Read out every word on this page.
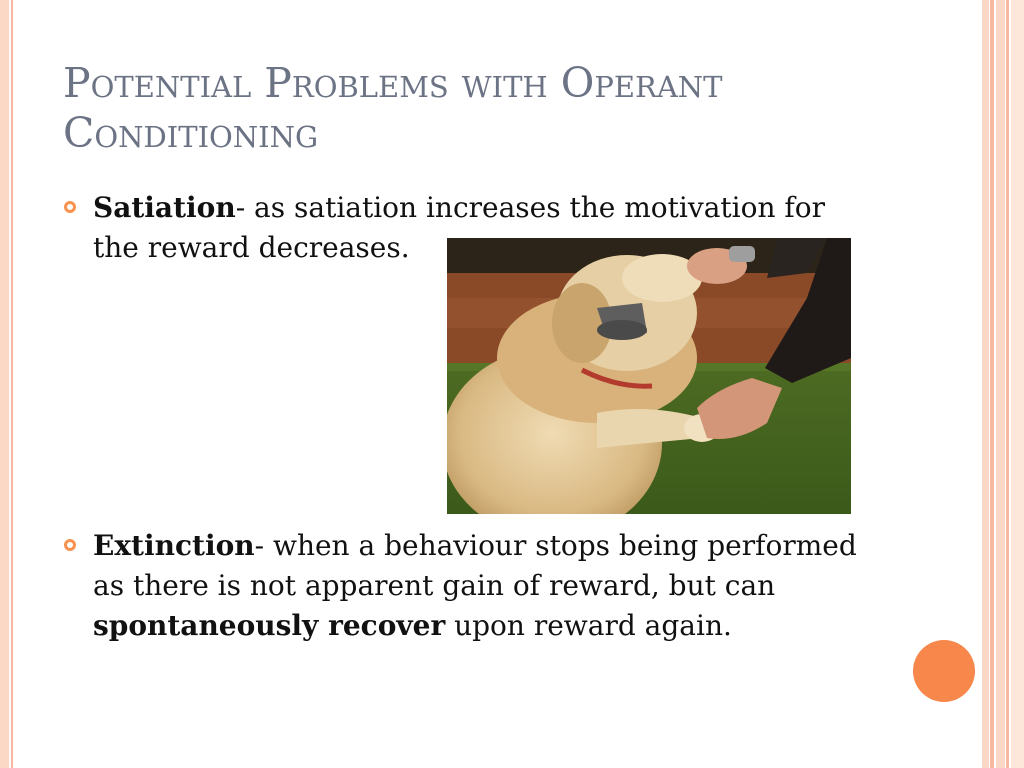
Potential Problems with Operant
Conditioning
Satiation- as satiation increases the motivation for the reward decreases.
Extinction- when a behaviour stops being performed as there is not apparent gain of reward, but can spontaneously recover upon reward again.
